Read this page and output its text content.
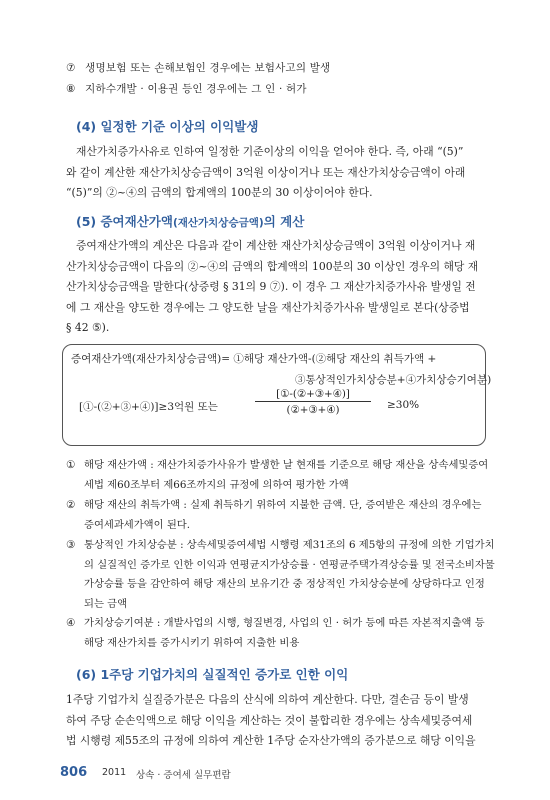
⑦ 생명보험 또는 손해보험인 경우에는 보험사고의 발생
⑧ 지하수개발 · 이용권 등인 경우에는 그 인 · 허가
(4) 일정한 기준 이상의 이익발생
재산가치증가사유로 인하여 일정한 기준이상의 이익을 얻어야 한다. 즉, 아래 “(5)”
와 같이 계산한 재산가치상승금액이 3억원 이상이거나 또는 재산가치상승금액이 아래
“(5)”의 ②~④의 금액의 합계액의 100분의 30 이상이어야 한다.
(5) 증여재산가액(재산가치상승금액)의 계산
증여재산가액의 계산은 다음과 같이 계산한 재산가치상승금액이 3억원 이상이거나 재
산가치상승금액이 다음의 ②~④의 금액의 합계액의 100분의 30 이상인 경우의 해당 재
산가치상승금액을 말한다(상증령 § 31의 9 ⑦). 이 경우 그 재산가치증가사유 발생일 전
에 그 재산을 양도한 경우에는 그 양도한 날을 재산가치증가사유 발생일로 본다(상증법
§ 42 ⑤).
증여재산가액(재산가치상승금액)= ①해당 재산가액-(②해당 재산의 취득가액 +
③통상적인가치상승분+④가치상승기여분)
[①-(②+③+④)]≥3억원 또는
[①-(②+③+④)]
(②+③+④)	≥30%
① 해당 재산가액 : 재산가치증가사유가 발생한 날 현재를 기준으로 해당 재산을 상속세및증여
세법 제60조부터 제66조까지의 규정에 의하여 평가한 가액
② 해당 재산의 취득가액 : 실제 취득하기 위하여 지불한 금액. 단, 증여받은 재산의 경우에는
증여세과세가액이 된다.
③ 통상적인 가치상승분 : 상속세및증여세법 시행령 제31조의 6 제5항의 규정에 의한 기업가치
의 실질적인 증가로 인한 이익과 연평균지가상승률 · 연평균주택가격상승률 및 전국소비자물
가상승률 등을 감안하여 해당 재산의 보유기간 중 정상적인 가치상승분에 상당하다고 인정
되는 금액
④ 가치상승기여분 : 개발사업의 시행, 형질변경, 사업의 인 · 허가 등에 따른 자본적지출액 등
해당 재산가치를 증가시키기 위하여 지출한 비용
(6) 1주당 기업가치의 실질적인 증가로 인한 이익
1주당 기업가치 실질증가분은 다음의 산식에 의하여 계산한다. 다만, 결손금 등이 발생
하여 주당 순손익액으로 해당 이익을 계산하는 것이 불합리한 경우에는 상속세및증여세
법 시행령 제55조의 규정에 의하여 계산한 1주당 순자산가액의 증가분으로 해당 이익을
806 2011 상속 · 증여세 실무편람
